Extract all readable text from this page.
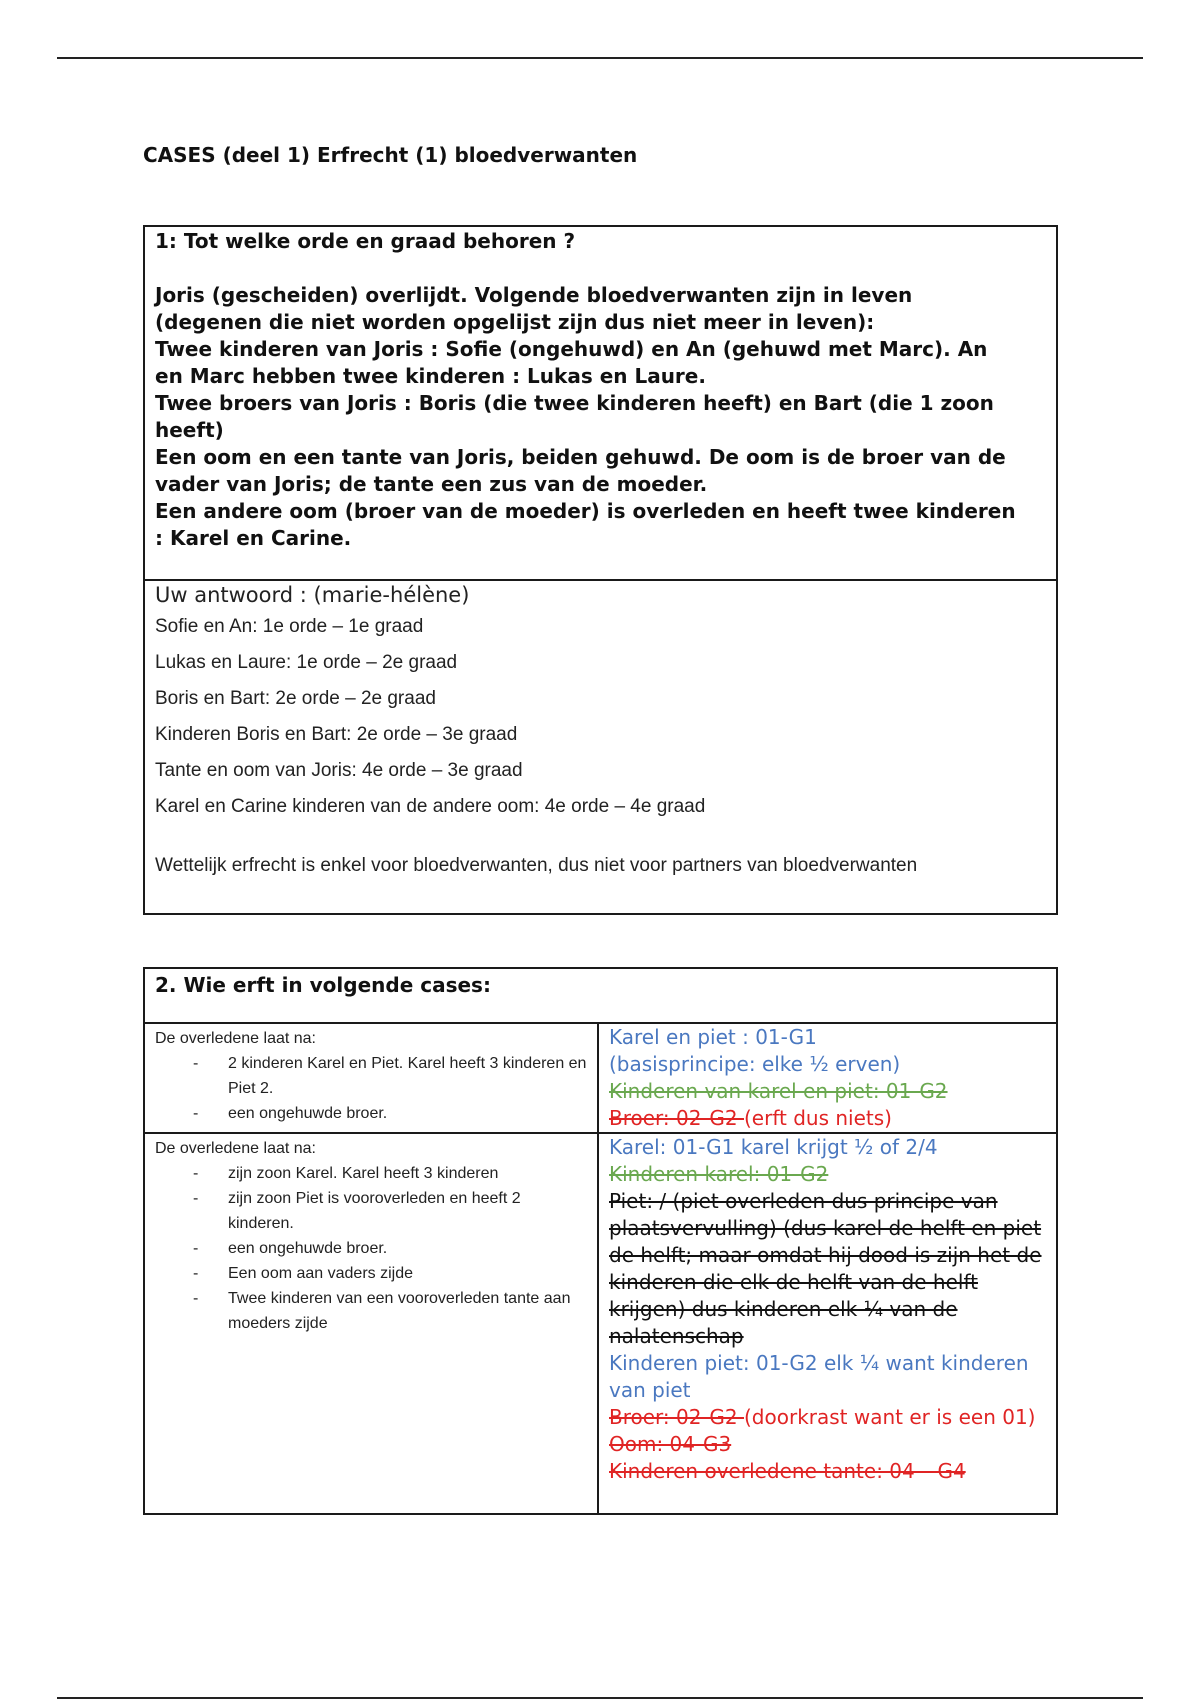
CASES (deel 1) Erfrecht (1) bloedverwanten
1: Tot welke orde en graad behoren ?
Joris (gescheiden) overlijdt. Volgende bloedverwanten zijn in leven
(degenen die niet worden opgelijst zijn dus niet meer in leven):
Twee kinderen van Joris : Sofie (ongehuwd) en An (gehuwd met Marc). An
en Marc hebben twee kinderen : Lukas en Laure.
Twee broers van Joris : Boris (die twee kinderen heeft) en Bart (die 1 zoon
heeft)
Een oom en een tante van Joris, beiden gehuwd. De oom is de broer van de
vader van Joris; de tante een zus van de moeder.
Een andere oom (broer van de moeder) is overleden en heeft twee kinderen
: Karel en Carine.
Uw antwoord : (marie-hélène)
Sofie en An: 1e orde – 1e graad
Lukas en Laure: 1e orde – 2e graad
Boris en Bart: 2e orde – 2e graad
Kinderen Boris en Bart: 2e orde – 3e graad
Tante en oom van Joris: 4e orde – 3e graad
Karel en Carine kinderen van de andere oom: 4e orde – 4e graad
Wettelijk erfrecht is enkel voor bloedverwanten, dus niet voor partners van bloedverwanten
2. Wie erft in volgende cases:

De overledene laat na:

- 2 kinderen Karel en Piet. Karel heeft 3 kinderen en Piet 2.
- een ongehuwde broer.
Karel en piet : 01-G1
(basisprincipe: elke ½ erven)
Kinderen van karel en piet: 01-G2
Broer: 02-G2 (erft dus niets)

De overledene laat na:

- zijn zoon Karel. Karel heeft 3 kinderen
- zijn zoon Piet is vooroverleden en heeft 2 kinderen.
- een ongehuwde broer.
- Een oom aan vaders zijde
- Twee kinderen van een vooroverleden tante aan moeders zijde
Karel: 01-G1 karel krijgt ½ of 2/4
Kinderen karel: 01-G2
Piet: / (piet overleden dus principe van plaatsvervulling) (dus karel de helft en piet de helft; maar omdat hij dood is zijn het de kinderen die elk de helft van de helft krijgen) dus kinderen elk ¼ van de nalatenschap
Kinderen piet: 01-G2 elk ¼ want kinderen van piet
Broer: 02-G2 (doorkrast want er is een 01)
Oom: 04-G3
Kinderen overledene tante: 04 – G4
